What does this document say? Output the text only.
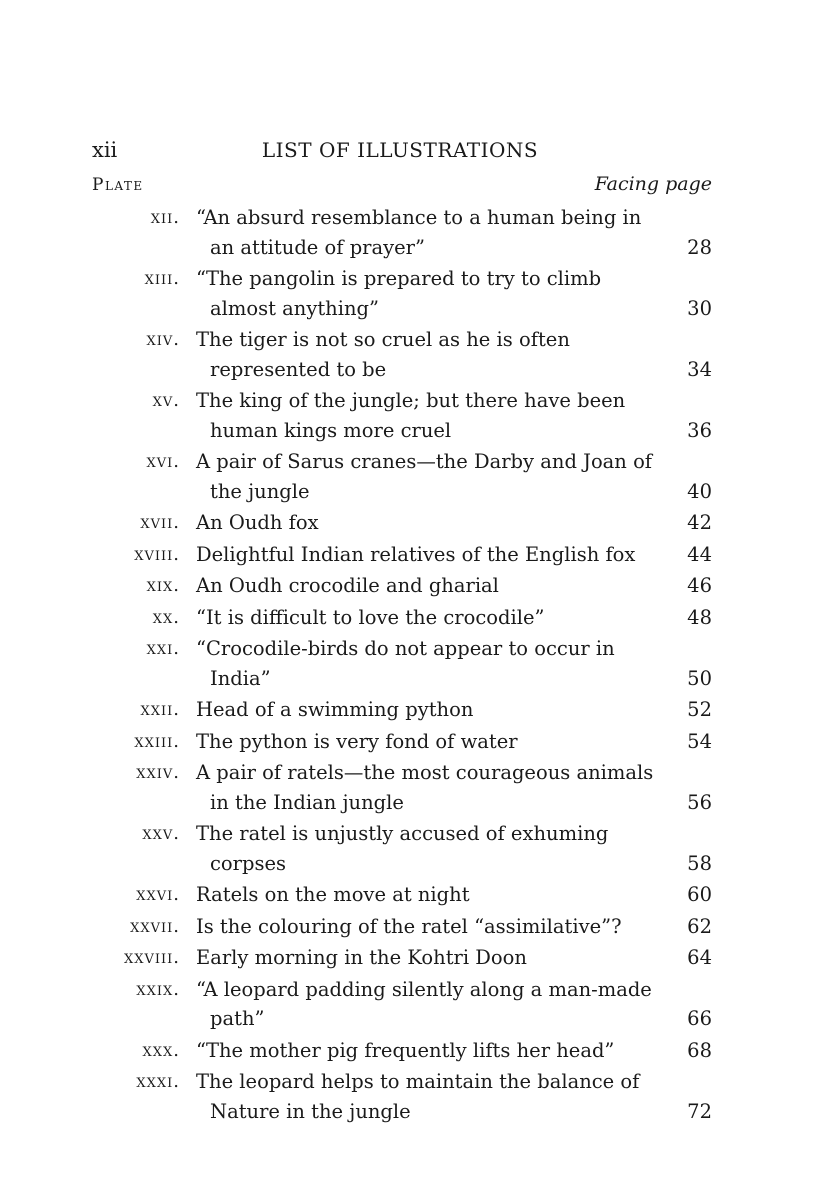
xii	LIST OF ILLUSTRATIONS
Plate	Facing page
xii. “An absurd resemblance to a human being in an attitude of prayer”	28
xiii. “The pangolin is prepared to try to climb almost anything”	30
xiv. The tiger is not so cruel as he is often represented to be	34
xv. The king of the jungle; but there have been human kings more cruel	36
xvi. A pair of Sarus cranes—the Darby and Joan of the jungle	40
xvii. An Oudh fox	42
xviii. Delightful Indian relatives of the English fox	44
xix. An Oudh crocodile and gharial	46
xx. “It is difficult to love the crocodile”	48
xxi. “Crocodile-birds do not appear to occur in India”	50
xxii. Head of a swimming python	52
xxiii. The python is very fond of water	54
xxiv. A pair of ratels—the most courageous animals in the Indian jungle	56
xxv. The ratel is unjustly accused of exhuming corpses	58
xxvi. Ratels on the move at night	60
xxvii. Is the colouring of the ratel “assimilative”?	62
xxviii. Early morning in the Kohtri Doon	64
xxix. “A leopard padding silently along a man-made path”	66
xxx. “The mother pig frequently lifts her head”	68
xxxi. The leopard helps to maintain the balance of Nature in the jungle	72
